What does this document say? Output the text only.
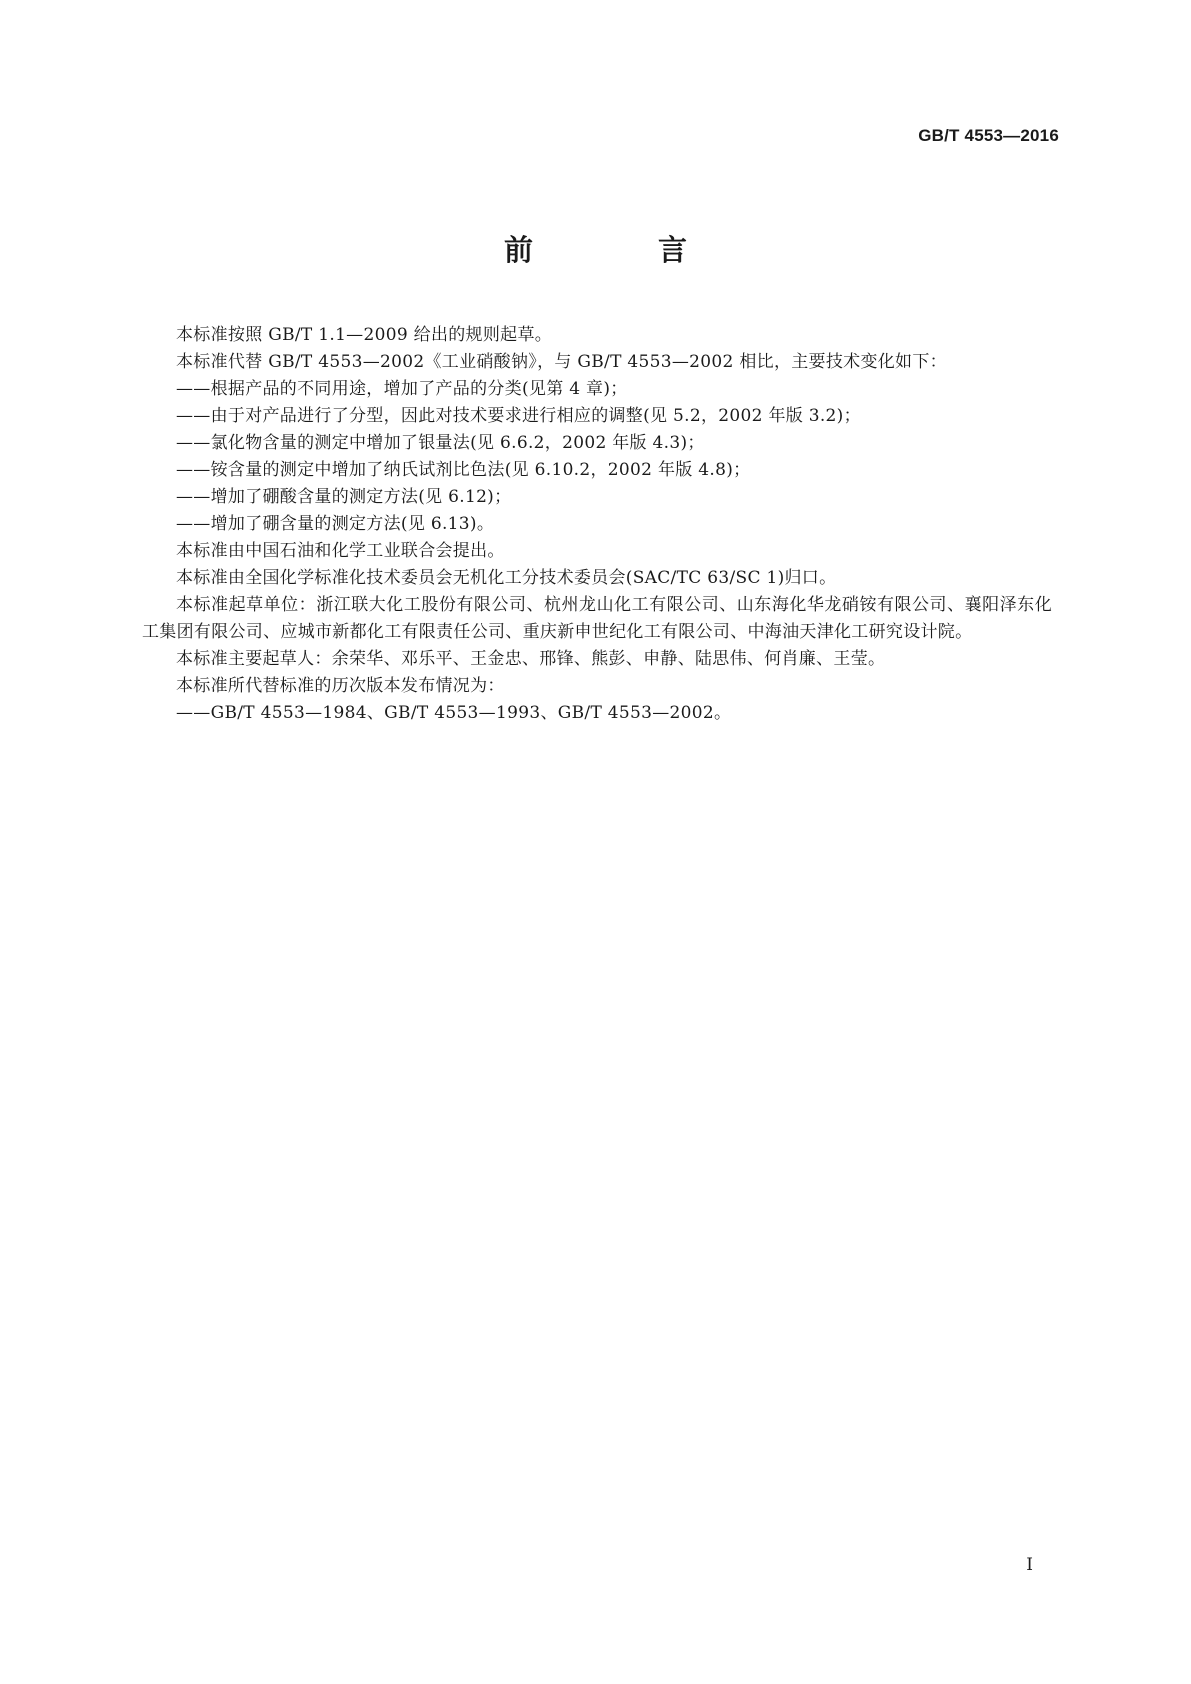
GB/T 4553—2016
前　言

本标准按照 GB/T 1.1—2009 给出的规则起草。

本标准代替 GB/T 4553—2002《工业硝酸钠》，与 GB/T 4553—2002 相比，主要技术变化如下：

——根据产品的不同用途，增加了产品的分类(见第 4 章)；

——由于对产品进行了分型，因此对技术要求进行相应的调整(见 5.2，2002 年版 3.2)；

——氯化物含量的测定中增加了银量法(见 6.6.2，2002 年版 4.3)；

——铵含量的测定中增加了纳氏试剂比色法(见 6.10.2，2002 年版 4.8)；

——增加了硼酸含量的测定方法(见 6.12)；

——增加了硼含量的测定方法(见 6.13)。

本标准由中国石油和化学工业联合会提出。

本标准由全国化学标准化技术委员会无机化工分技术委员会(SAC/TC 63/SC 1)归口。

本标准起草单位：浙江联大化工股份有限公司、杭州龙山化工有限公司、山东海化华龙硝铵有限公司、襄阳泽东化工集团有限公司、应城市新都化工有限责任公司、重庆新申世纪化工有限公司、中海油天津化工研究设计院。

本标准主要起草人：余荣华、邓乐平、王金忠、邢锋、熊彭、申静、陆思伟、何肖廉、王莹。

本标准所代替标准的历次版本发布情况为：

——GB/T 4553—1984、GB/T 4553—1993、GB/T 4553—2002。

I
